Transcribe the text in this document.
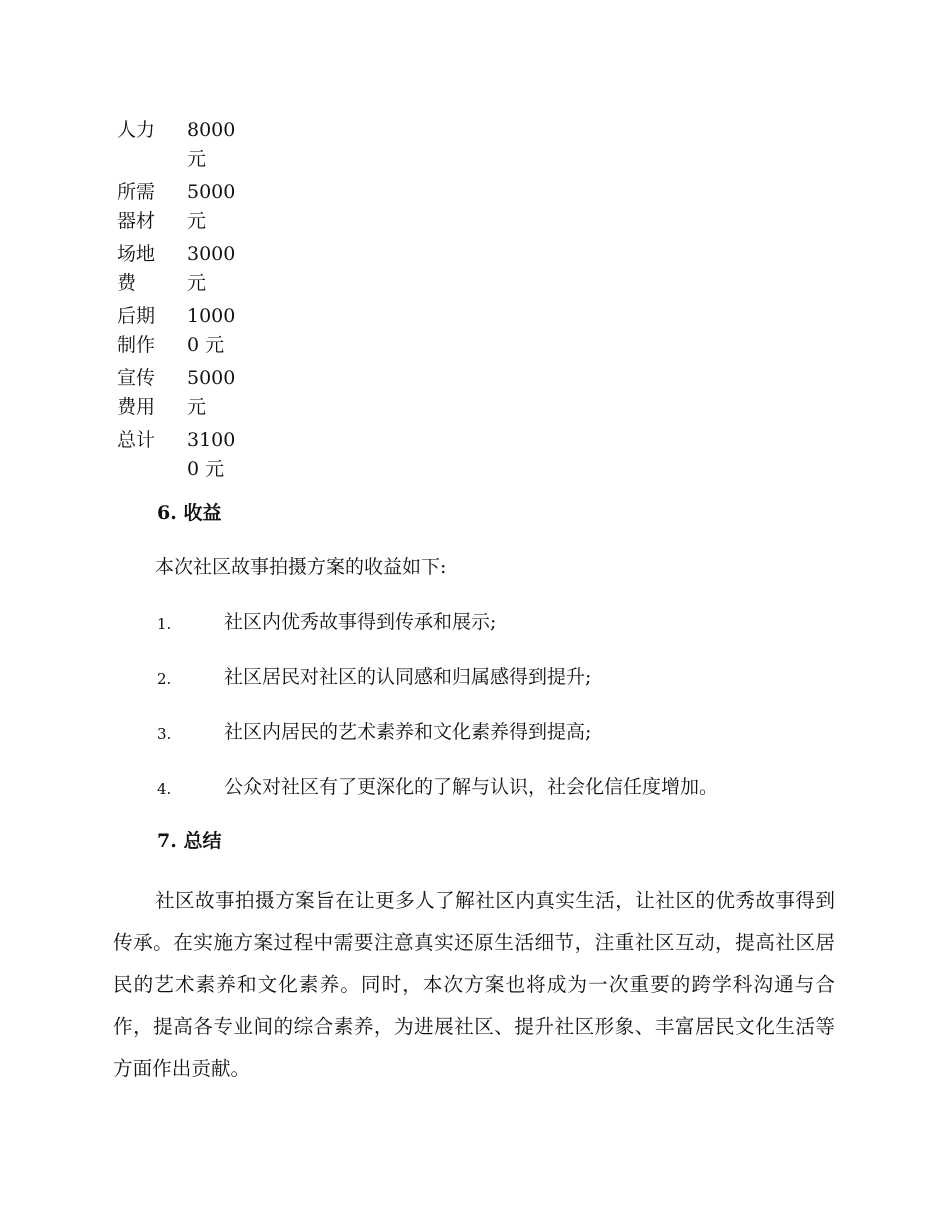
人力	8000 元

所需器材	5000 元

场地费	3000 元

后期制作	10000 元

宣传费用	5000 元

总计	31000 元
6. 收益
本次社区故事拍摄方案的收益如下:
1.	社区内优秀故事得到传承和展示;
2.	社区居民对社区的认同感和归属感得到提升;
3.	社区内居民的艺术素养和文化素养得到提高;
4.	公众对社区有了更深化的了解与认识，社会化信任度增加。
7. 总结
社区故事拍摄方案旨在让更多人了解社区内真实生活，让社区的优秀故事得到传承。在实施方案过程中需要注意真实还原生活细节，注重社区互动，提高社区居民的艺术素养和文化素养。同时，本次方案也将成为一次重要的跨学科沟通与合作，提高各专业间的综合素养，为进展社区、提升社区形象、丰富居民文化生活等方面作出贡献。
